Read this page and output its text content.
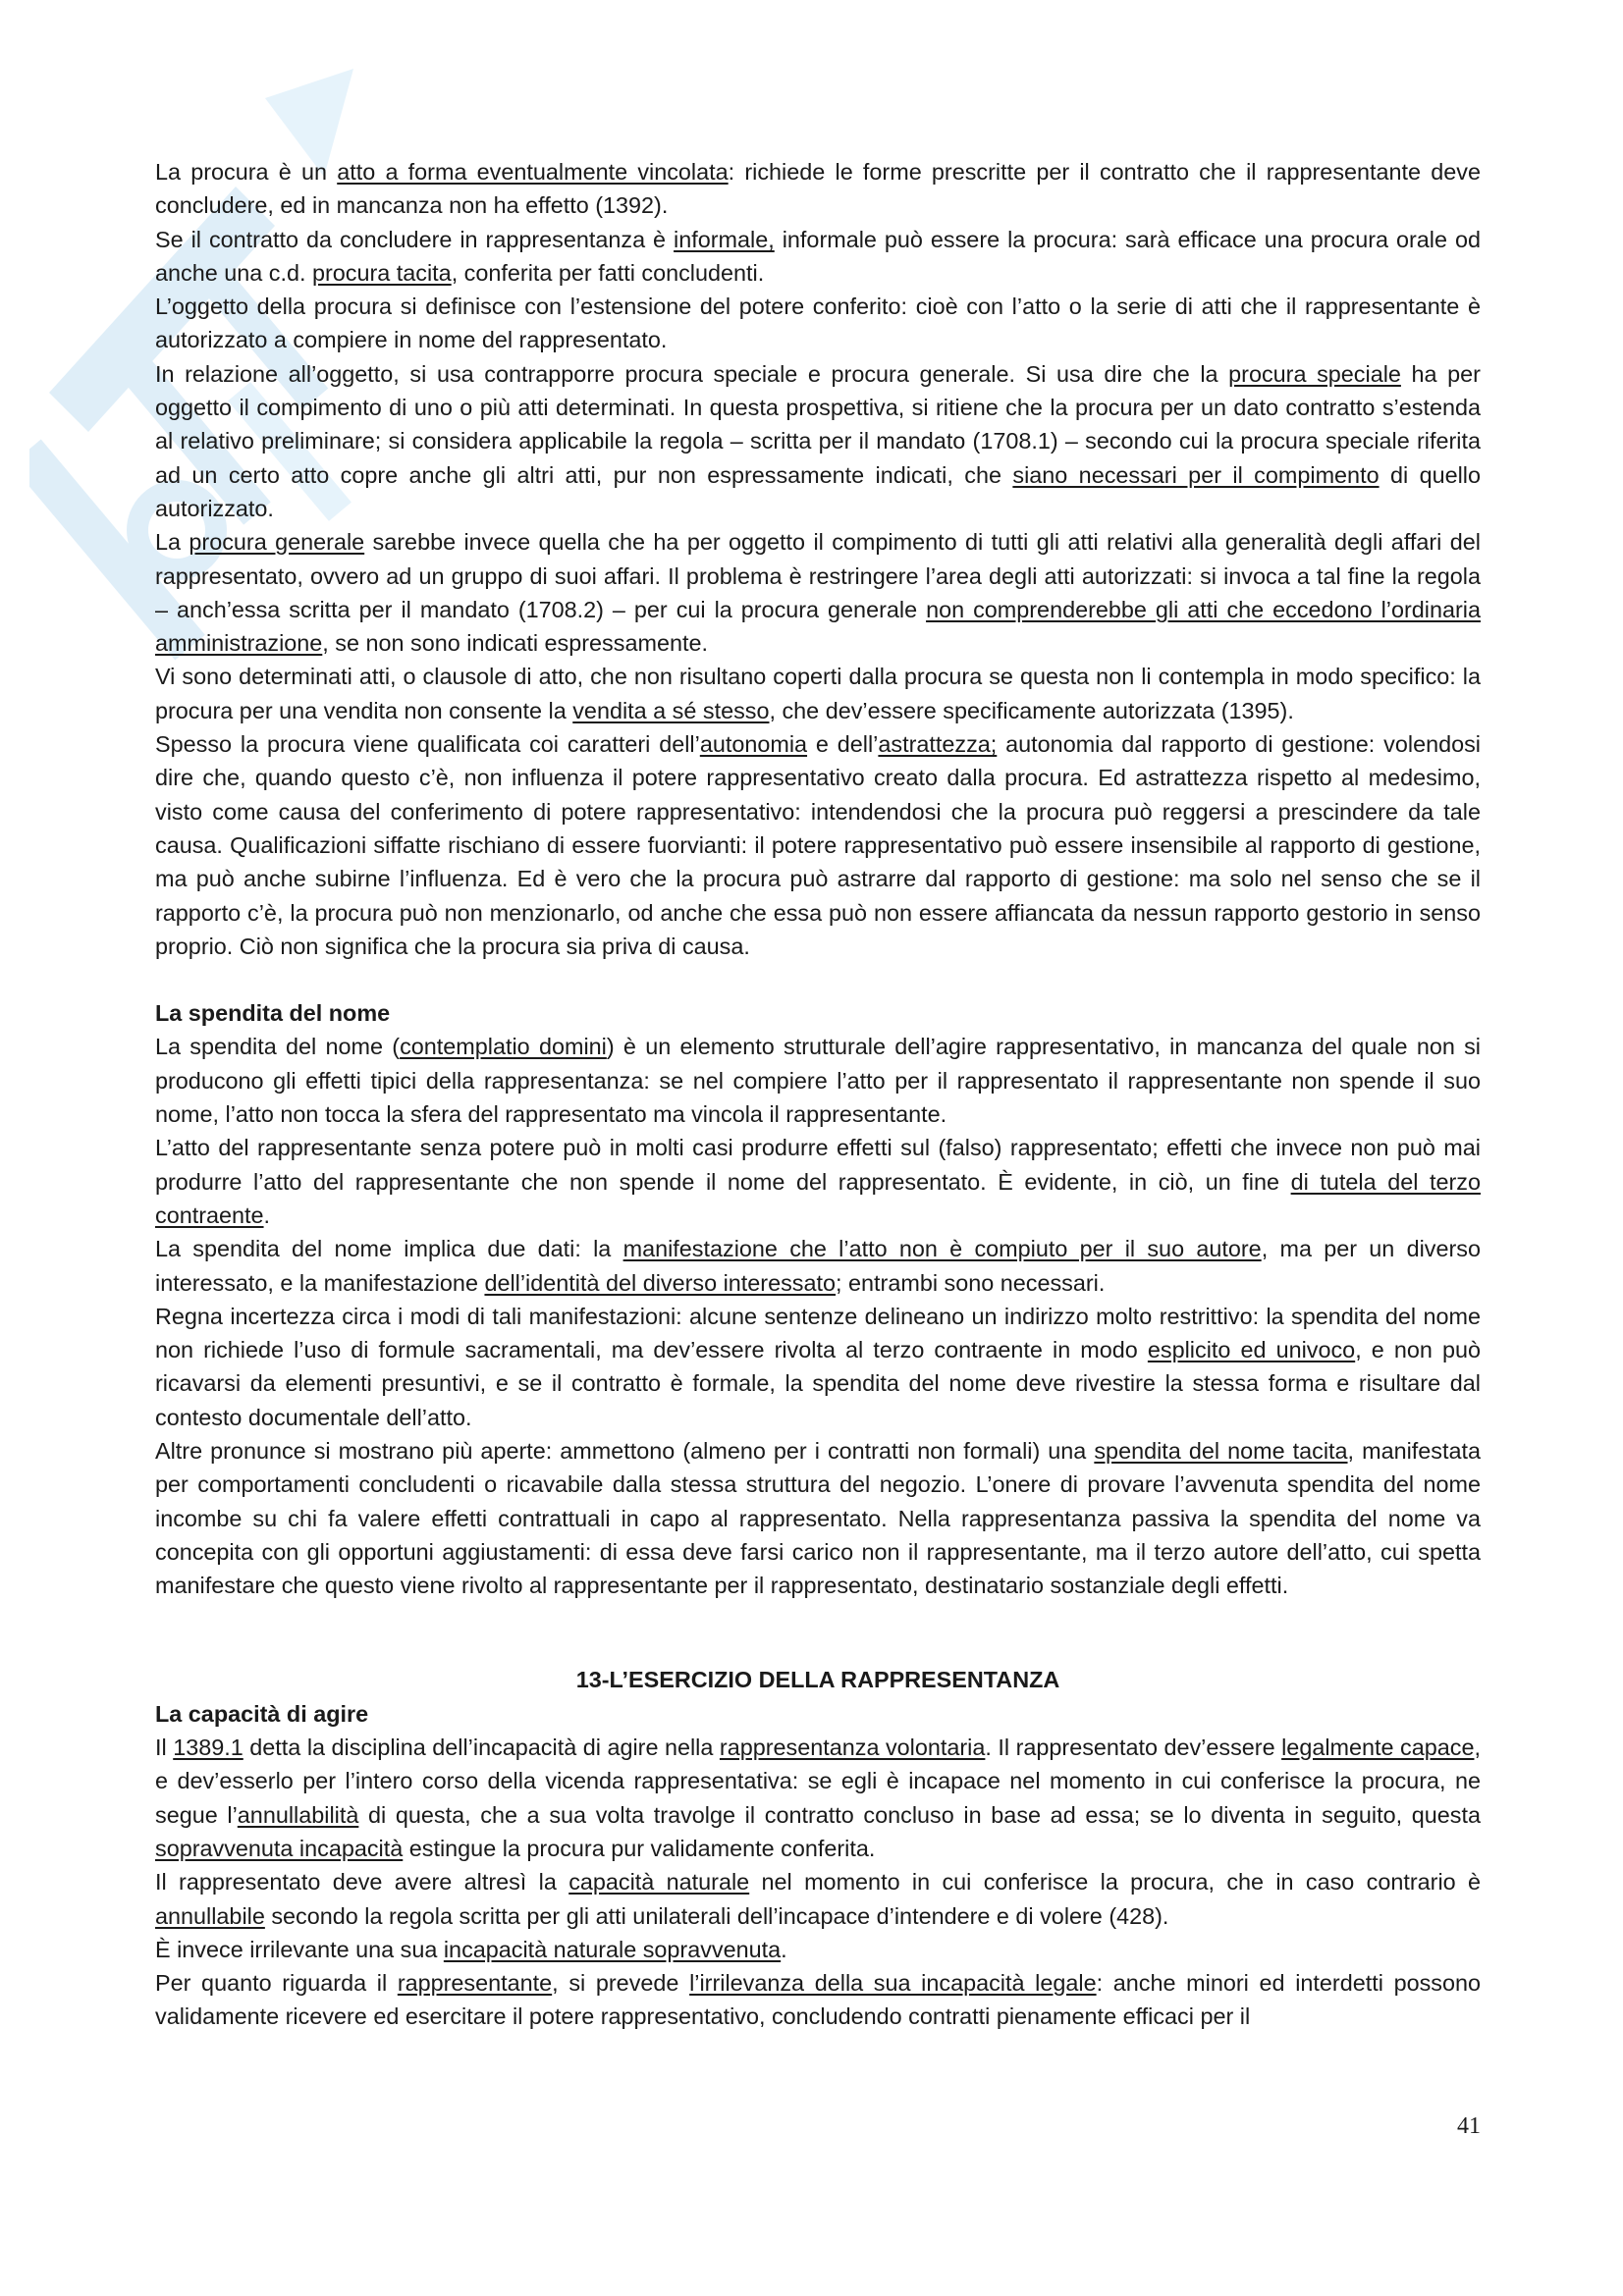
La procura è un atto a forma eventualmente vincolata: richiede le forme prescritte per il contratto che il rappresentante deve concludere, ed in mancanza non ha effetto (1392).

Se il contratto da concludere in rappresentanza è informale, informale può essere la procura: sarà efficace una procura orale od anche una c.d. procura tacita, conferita per fatti concludenti.

L’oggetto della procura si definisce con l’estensione del potere conferito: cioè con l’atto o la serie di atti che il rappresentante è autorizzato a compiere in nome del rappresentato.

In relazione all’oggetto, si usa contrapporre procura speciale e procura generale. Si usa dire che la procura speciale ha per oggetto il compimento di uno o più atti determinati. In questa prospettiva, si ritiene che la procura per un dato contratto s’estenda al relativo preliminare; si considera applicabile la regola – scritta per il mandato (1708.1) – secondo cui la procura speciale riferita ad un certo atto copre anche gli altri atti, pur non espressamente indicati, che siano necessari per il compimento di quello autorizzato.

La procura generale sarebbe invece quella che ha per oggetto il compimento di tutti gli atti relativi alla generalità degli affari del rappresentato, ovvero ad un gruppo di suoi affari. Il problema è restringere l’area degli atti autorizzati: si invoca a tal fine la regola – anch’essa scritta per il mandato (1708.2) – per cui la procura generale non comprenderebbe gli atti che eccedono l’ordinaria amministrazione, se non sono indicati espressamente.

Vi sono determinati atti, o clausole di atto, che non risultano coperti dalla procura se questa non li contempla in modo specifico: la procura per una vendita non consente la vendita a sé stesso, che dev’essere specificamente autorizzata (1395).

Spesso la procura viene qualificata coi caratteri dell’autonomia e dell’astrattezza; autonomia dal rapporto di gestione: volendosi dire che, quando questo c’è, non influenza il potere rappresentativo creato dalla procura. Ed astrattezza rispetto al medesimo, visto come causa del conferimento di potere rappresentativo: intendendosi che la procura può reggersi a prescindere da tale causa. Qualificazioni siffatte rischiano di essere fuorvianti: il potere rappresentativo può essere insensibile al rapporto di gestione, ma può anche subirne l’influenza. Ed è vero che la procura può astrarre dal rapporto di gestione: ma solo nel senso che se il rapporto c’è, la procura può non menzionarlo, od anche che essa può non essere affiancata da nessun rapporto gestorio in senso proprio. Ciò non significa che la procura sia priva di causa.

La spendita del nome

La spendita del nome (contemplatio domini) è un elemento strutturale dell’agire rappresentativo, in mancanza del quale non si producono gli effetti tipici della rappresentanza: se nel compiere l’atto per il rappresentato il rappresentante non spende il suo nome, l’atto non tocca la sfera del rappresentato ma vincola il rappresentante.

L’atto del rappresentante senza potere può in molti casi produrre effetti sul (falso) rappresentato; effetti che invece non può mai produrre l’atto del rappresentante che non spende il nome del rappresentato. È evidente, in ciò, un fine di tutela del terzo contraente.

La spendita del nome implica due dati: la manifestazione che l’atto non è compiuto per il suo autore, ma per un diverso interessato, e la manifestazione dell’identità del diverso interessato; entrambi sono necessari.

Regna incertezza circa i modi di tali manifestazioni: alcune sentenze delineano un indirizzo molto restrittivo: la spendita del nome non richiede l’uso di formule sacramentali, ma dev’essere rivolta al terzo contraente in modo esplicito ed univoco, e non può ricavarsi da elementi presuntivi, e se il contratto è formale, la spendita del nome deve rivestire la stessa forma e risultare dal contesto documentale dell’atto.

Altre pronunce si mostrano più aperte: ammettono (almeno per i contratti non formali) una spendita del nome tacita, manifestata per comportamenti concludenti o ricavabile dalla stessa struttura del negozio. L’onere di provare l’avvenuta spendita del nome incombe su chi fa valere effetti contrattuali in capo al rappresentato. Nella rappresentanza passiva la spendita del nome va concepita con gli opportuni aggiustamenti: di essa deve farsi carico non il rappresentante, ma il terzo autore dell’atto, cui spetta manifestare che questo viene rivolto al rappresentante per il rappresentato, destinatario sostanziale degli effetti.

13-L’ESERCIZIO DELLA RAPPRESENTANZA
La capacità di agire

Il 1389.1 detta la disciplina dell’incapacità di agire nella rappresentanza volontaria. Il rappresentato dev’essere legalmente capace, e dev’esserlo per l’intero corso della vicenda rappresentativa: se egli è incapace nel momento in cui conferisce la procura, ne segue l’annullabilità di questa, che a sua volta travolge il contratto concluso in base ad essa; se lo diventa in seguito, questa sopravvenuta incapacità estingue la procura pur validamente conferita.

Il rappresentato deve avere altresì la capacità naturale nel momento in cui conferisce la procura, che in caso contrario è annullabile secondo la regola scritta per gli atti unilaterali dell’incapace d’intendere e di volere (428).

È invece irrilevante una sua incapacità naturale sopravvenuta.

Per quanto riguarda il rappresentante, si prevede l’irrilevanza della sua incapacità legale: anche minori ed interdetti possono validamente ricevere ed esercitare il potere rappresentativo, concludendo contratti pienamente efficaci per il

41
